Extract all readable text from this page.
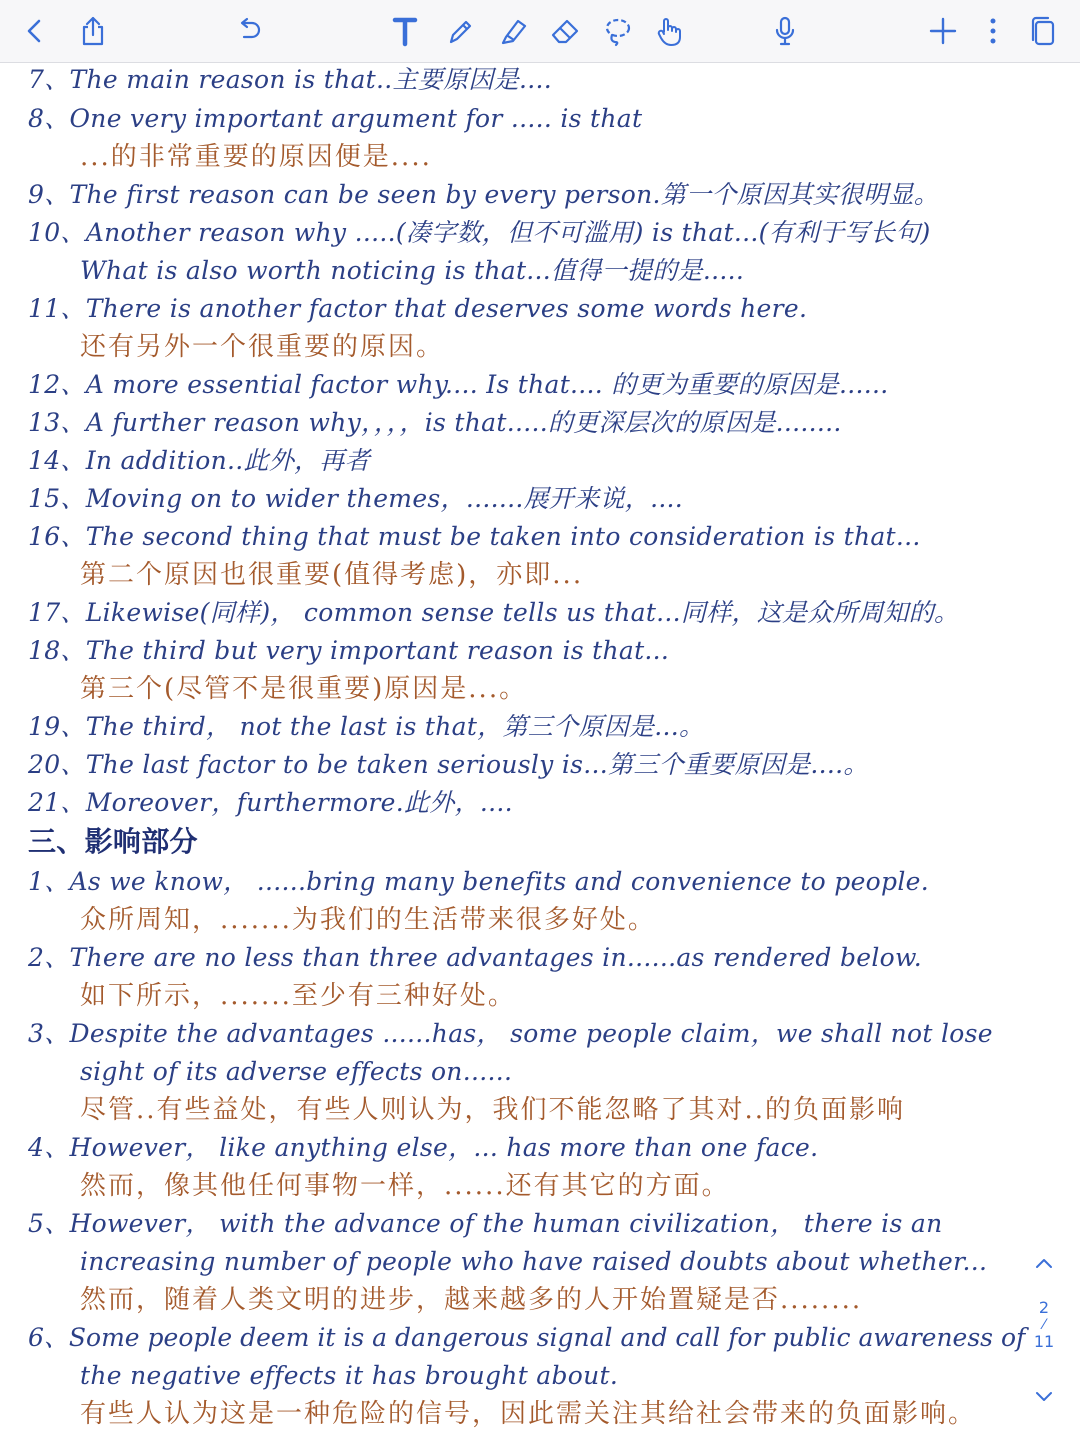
7、The main reason is that..主要原因是....
8、One very important argument for ..... is that
...的非常重要的原因便是....
9、The first reason can be seen by every person.第一个原因其实很明显。
10、Another reason why .....(凑字数，但不可滥用) is that...(有利于写长句)
What is also worth noticing is that...值得一提的是.....
11、There is another factor that deserves some words here.
还有另外一个很重要的原因。
12、A more essential factor why.... Is that.... 的更为重要的原因是......
13、A further reason why，，，，is that.....的更深层次的原因是........
14、In addition..此外，再者
15、Moving on to wider themes，.......展开来说，....
16、The second thing that must be taken into consideration is that...
第二个原因也很重要(值得考虑)，亦即...
17、Likewise(同样)， common sense tells us that...同样，这是众所周知的。
18、The third but very important reason is that...
第三个(尽管不是很重要)原因是...。
19、The third， not the last is that，第三个原因是...。
20、The last factor to be taken seriously is...第三个重要原因是....。
21、Moreover，furthermore.此外，....
三、影响部分
1、As we know， ......bring many benefits and convenience to people.
众所周知，.......为我们的生活带来很多好处。
2、There are no less than three advantages in......as rendered below.
如下所示，.......至少有三种好处。
3、Despite the advantages ......has， some people claim，we shall not lose
sight of its adverse effects on......
尽管..有些益处，有些人则认为，我们不能忽略了其对..的负面影响
4、However， like anything else，... has more than one face.
然而，像其他任何事物一样，......还有其它的方面。
5、However， with the advance of the human civilization， there is an
increasing number of people who have raised doubts about whether...
然而，随着人类文明的进步，越来越多的人开始置疑是否........
6、Some people deem it is a dangerous signal and call for public awareness of
the negative effects it has brought about.
有些人认为这是一种危险的信号，因此需关注其给社会带来的负面影响。
2
⁄
11
